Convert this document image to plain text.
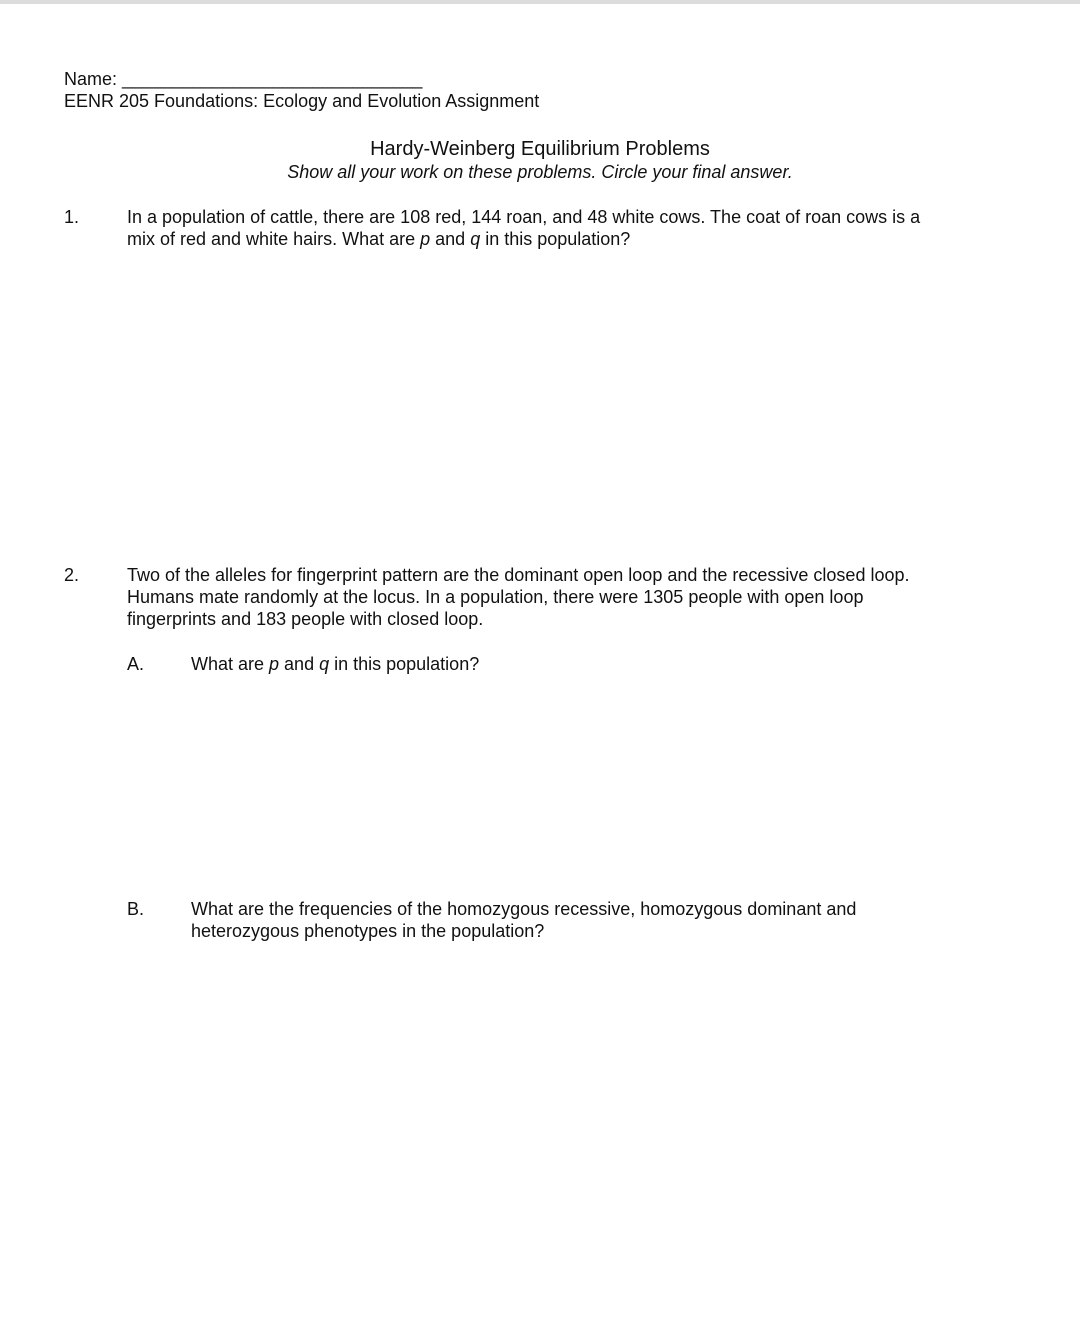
Name: ______________________________
EENR 205 Foundations: Ecology and Evolution Assignment
Hardy-Weinberg Equilibrium Problems
Show all your work on these problems. Circle your final answer.
1.	In a population of cattle, there are 108 red, 144 roan, and 48 white cows. The coat of roan cows is a
mix of red and white hairs. What are p and q in this population?
2.	Two of the alleles for fingerprint pattern are the dominant open loop and the recessive closed loop.
Humans mate randomly at the locus. In a population, there were 1305 people with open loop
fingerprints and 183 people with closed loop.
A.	What are p and q in this population?
B.	What are the frequencies of the homozygous recessive, homozygous dominant and
heterozygous phenotypes in the population?
